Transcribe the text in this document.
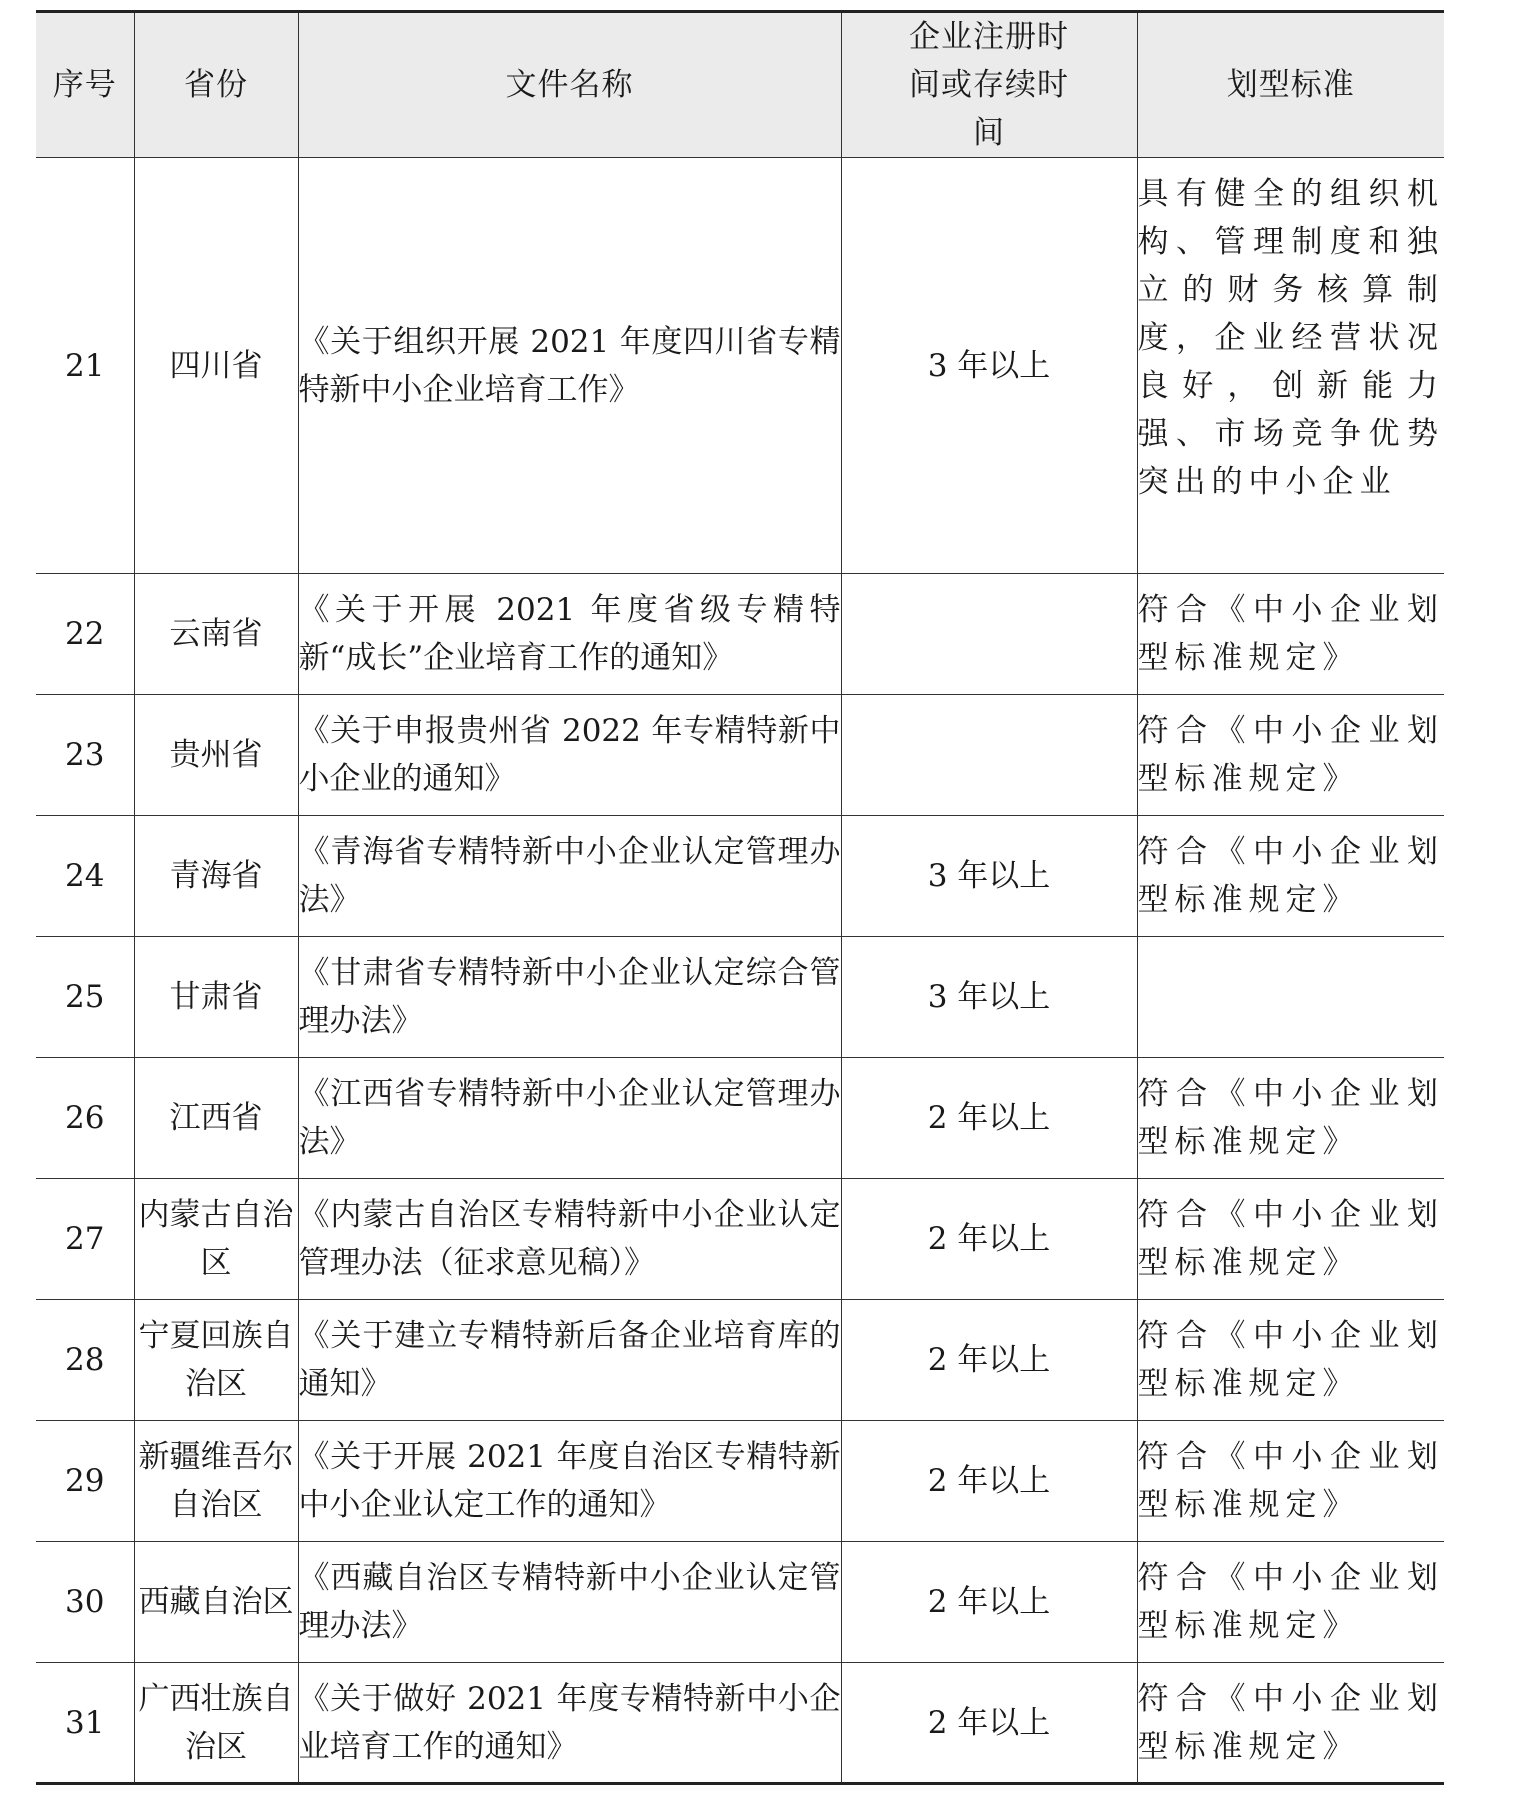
序号	省份	文件名称	企业注册时间或存续时间	划型标准
21	四川省	《关于组织开展 2021 年度四川省专精特新中小企业培育工作》	3 年以上	具有健全的组织机构、管理制度和独立的财务核算制度，企业经营状况良好，创新能力强、市场竞争优势突出的中小企业
22	云南省	《关于开展 2021 年度省级专精特新“成长”企业培育工作的通知》		符合《中小企业划型标准规定》
23	贵州省	《关于申报贵州省 2022 年专精特新中小企业的通知》		符合《中小企业划型标准规定》
24	青海省	《青海省专精特新中小企业认定管理办法》	3 年以上	符合《中小企业划型标准规定》
25	甘肃省	《甘肃省专精特新中小企业认定综合管理办法》	3 年以上	
26	江西省	《江西省专精特新中小企业认定管理办法》	2 年以上	符合《中小企业划型标准规定》
27	内蒙古自治区	《内蒙古自治区专精特新中小企业认定管理办法（征求意见稿）》	2 年以上	符合《中小企业划型标准规定》
28	宁夏回族自治区	《关于建立专精特新后备企业培育库的通知》	2 年以上	符合《中小企业划型标准规定》
29	新疆维吾尔自治区	《关于开展 2021 年度自治区专精特新中小企业认定工作的通知》	2 年以上	符合《中小企业划型标准规定》
30	西藏自治区	《西藏自治区专精特新中小企业认定管理办法》	2 年以上	符合《中小企业划型标准规定》
31	广西壮族自治区	《关于做好 2021 年度专精特新中小企业培育工作的通知》	2 年以上	符合《中小企业划型标准规定》
